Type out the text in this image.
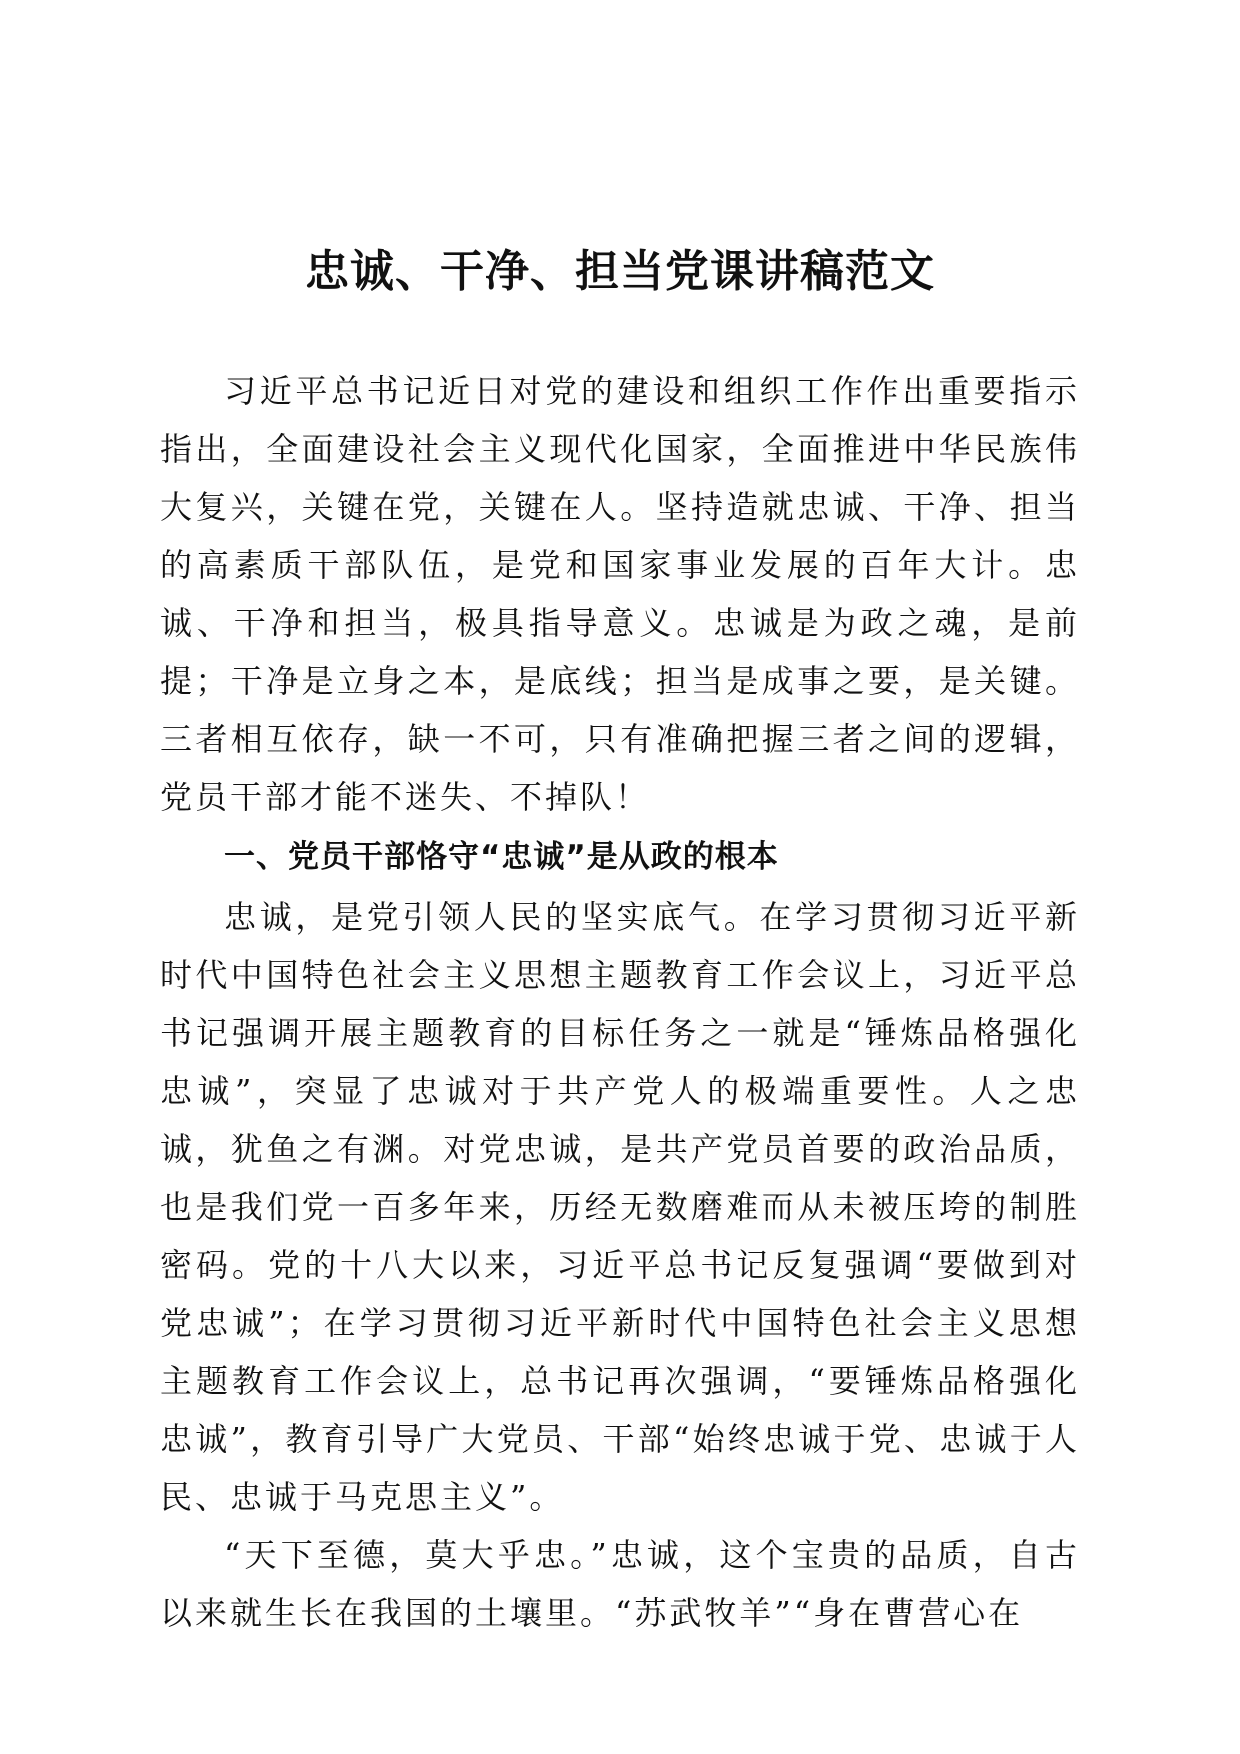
忠诚、干净、担当党课讲稿范文

习近平总书记近日对党的建设和组织工作作出重要指示指出，全面建设社会主义现代化国家，全面推进中华民族伟大复兴，关键在党，关键在人。坚持造就忠诚、干净、担当的高素质干部队伍，是党和国家事业发展的百年大计。忠诚、干净和担当，极具指导意义。忠诚是为政之魂，是前提；干净是立身之本，是底线；担当是成事之要，是关键。三者相互依存，缺一不可，只有准确把握三者之间的逻辑，党员干部才能不迷失、不掉队！

一、党员干部恪守“忠诚”是从政的根本

忠诚，是党引领人民的坚实底气。在学习贯彻习近平新时代中国特色社会主义思想主题教育工作会议上，习近平总书记强调开展主题教育的目标任务之一就是“锤炼品格强化忠诚”，突显了忠诚对于共产党人的极端重要性。人之忠诚，犹鱼之有渊。对党忠诚，是共产党员首要的政治品质，也是我们党一百多年来，历经无数磨难而从未被压垮的制胜密码。党的十八大以来，习近平总书记反复强调“要做到对党忠诚”；在学习贯彻习近平新时代中国特色社会主义思想主题教育工作会议上，总书记再次强调，“要锤炼品格强化忠诚”，教育引导广大党员、干部“始终忠诚于党、忠诚于人民、忠诚于马克思主义”。

“天下至德，莫大乎忠。”忠诚，这个宝贵的品质，自古以来就生长在我国的土壤里。“苏武牧羊”“身在曹营心在
